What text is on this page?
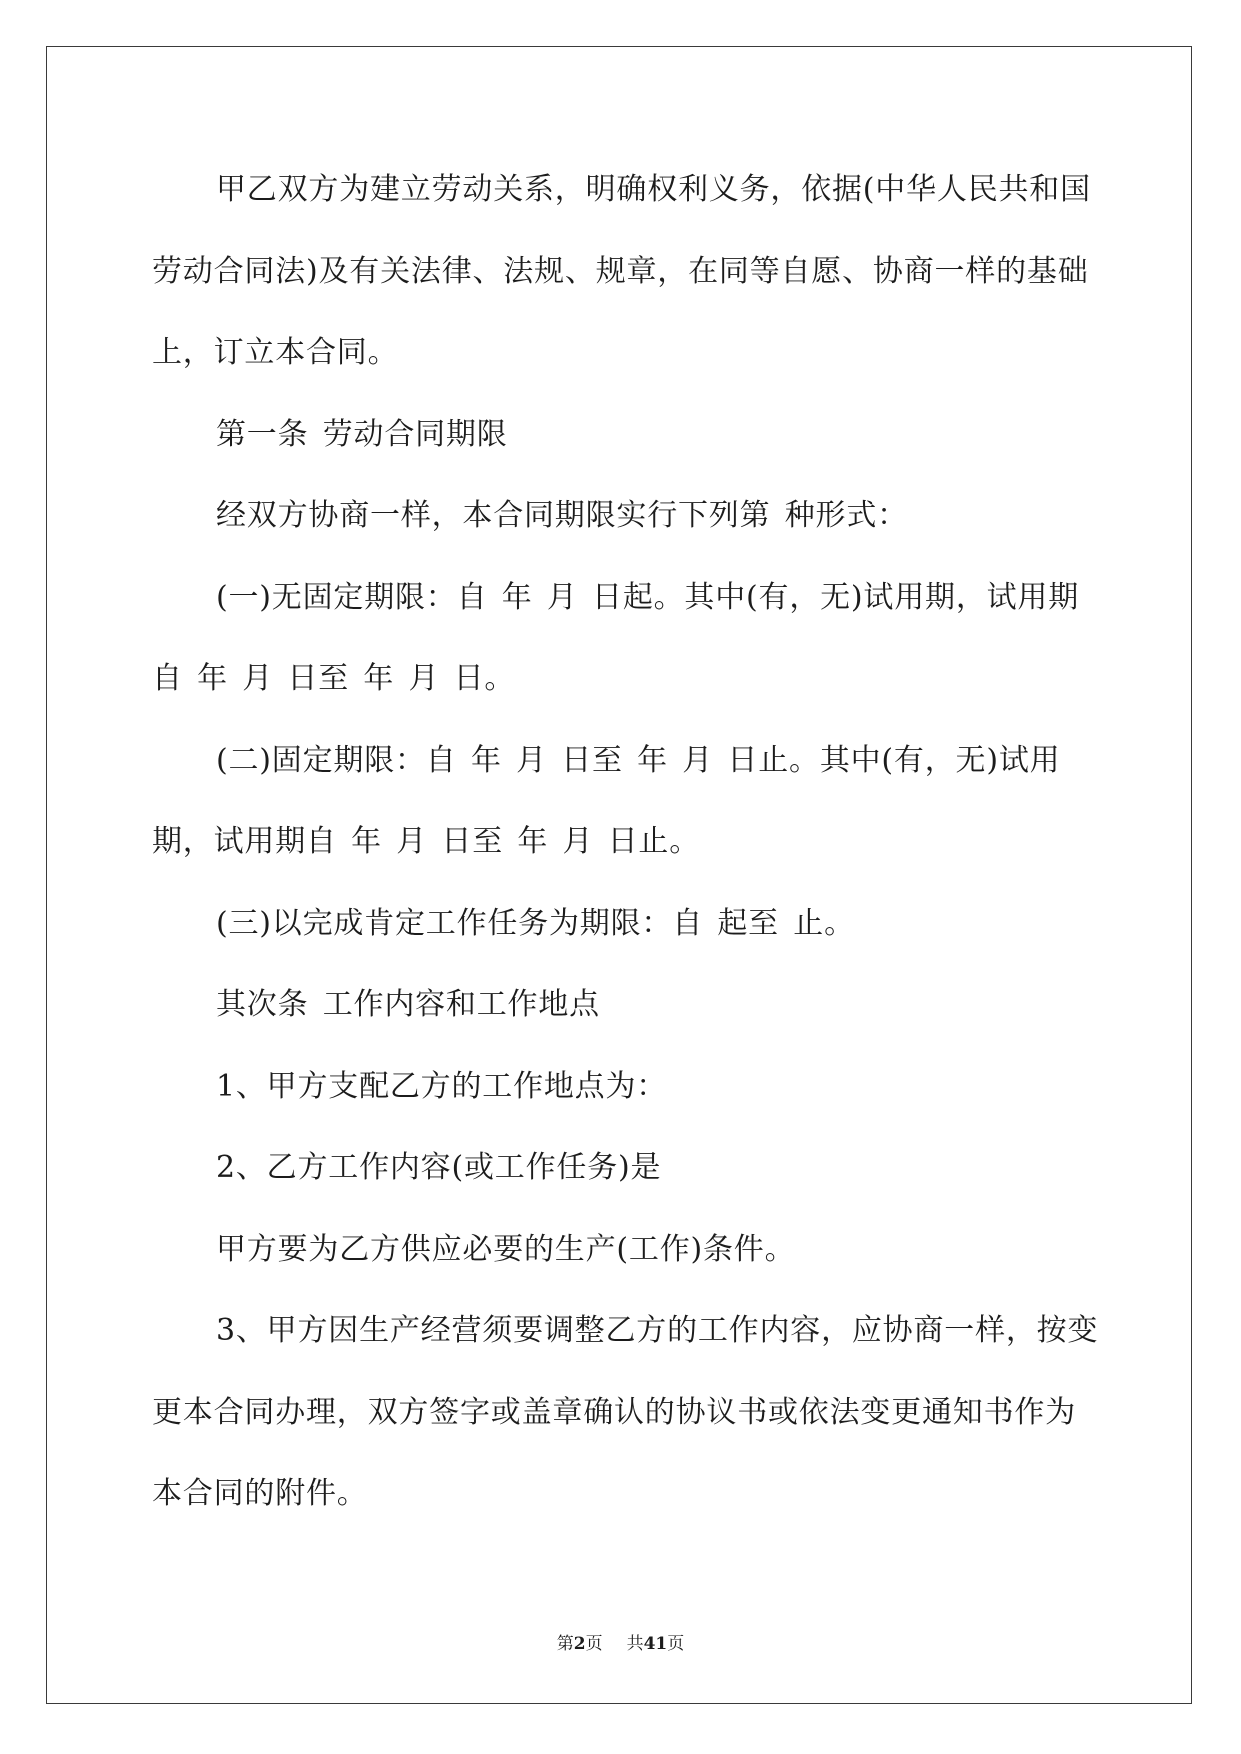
甲乙双方为建立劳动关系，明确权利义务，依据(中华人民共和国
劳动合同法)及有关法律、法规、规章，在同等自愿、协商一样的基础
上，订立本合同。
第一条 劳动合同期限
经双方协商一样，本合同期限实行下列第 种形式：
(一)无固定期限：自 年 月 日起。其中(有，无)试用期，试用期
自 年 月 日至 年 月 日。
(二)固定期限：自 年 月 日至 年 月 日止。其中(有，无)试用
期，试用期自 年 月 日至 年 月 日止。
(三)以完成肯定工作任务为期限：自 起至 止。
其次条 工作内容和工作地点
1、甲方支配乙方的工作地点为：
2、乙方工作内容(或工作任务)是
甲方要为乙方供应必要的生产(工作)条件。
3、甲方因生产经营须要调整乙方的工作内容，应协商一样，按变
更本合同办理，双方签字或盖章确认的协议书或依法变更通知书作为
本合同的附件。
第2页 共41页
